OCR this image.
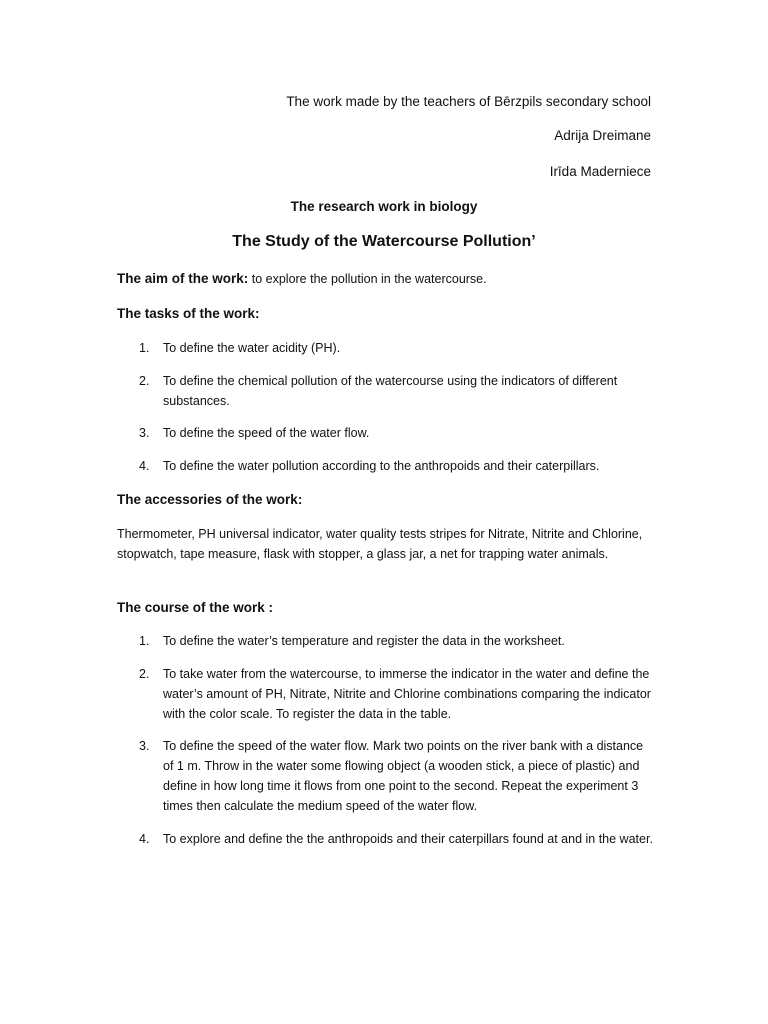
The work made by the teachers of Bērzpils secondary school
Adrija Dreimane
Irīda Maderniece
The research work in biology
The Study of the Watercourse Pollution’
The aim of the work: to explore the pollution in the watercourse.
The tasks of the work:
1. To define the water acidity (PH).
2. To define the chemical pollution of the watercourse using the indicators of different substances.
3. To define the speed of the water flow.
4. To define the water pollution according to the anthropoids and their caterpillars.
The accessories of the work:
Thermometer, PH universal indicator, water quality tests stripes for Nitrate, Nitrite and Chlorine, stopwatch, tape measure, flask with stopper, a glass jar, a net for trapping water animals.
The course of the work :
1. To define the water’s temperature and register the data in the worksheet.
2. To take water from the watercourse, to immerse the indicator in the water and define the water’s amount of PH, Nitrate, Nitrite and Chlorine combinations comparing the indicator with the color scale. To register the data in the table.
3. To define the speed of the water flow. Mark two points on the river bank with a distance of 1 m. Throw in the water some flowing object (a wooden stick, a piece of plastic) and define in how long time it flows from one point to the second. Repeat the experiment 3 times then calculate the medium speed of the water flow.
4. To explore and define the the anthropoids and their caterpillars found at and in the water.
